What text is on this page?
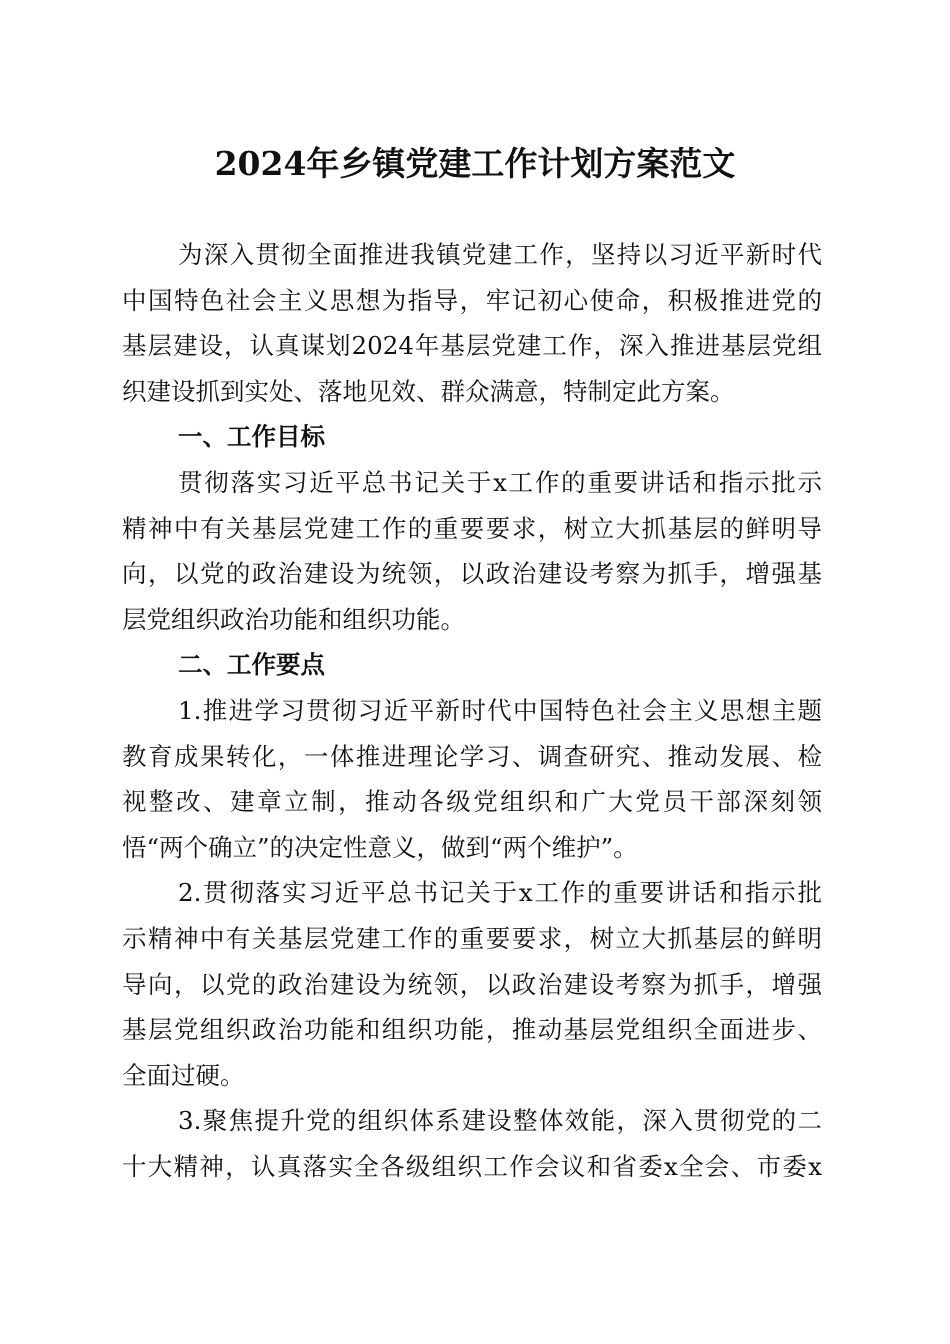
2024年乡镇党建工作计划方案范文
为深入贯彻全面推进我镇党建工作，坚持以习近平新时代
中国特色社会主义思想为指导，牢记初心使命，积极推进党的
基层建设，认真谋划2024年基层党建工作，深入推进基层党组
织建设抓到实处、落地见效、群众满意，特制定此方案。
一、工作目标
贯彻落实习近平总书记关于x工作的重要讲话和指示批示
精神中有关基层党建工作的重要要求，树立大抓基层的鲜明导
向，以党的政治建设为统领，以政治建设考察为抓手，增强基
层党组织政治功能和组织功能。
二、工作要点
1.推进学习贯彻习近平新时代中国特色社会主义思想主题
教育成果转化，一体推进理论学习、调查研究、推动发展、检
视整改、建章立制，推动各级党组织和广大党员干部深刻领
悟“两个确立”的决定性意义，做到“两个维护”。
2.贯彻落实习近平总书记关于x工作的重要讲话和指示批
示精神中有关基层党建工作的重要要求，树立大抓基层的鲜明
导向，以党的政治建设为统领，以政治建设考察为抓手，增强
基层党组织政治功能和组织功能，推动基层党组织全面进步、
全面过硬。
3.聚焦提升党的组织体系建设整体效能，深入贯彻党的二
十大精神，认真落实全各级组织工作会议和省委x全会、市委x
